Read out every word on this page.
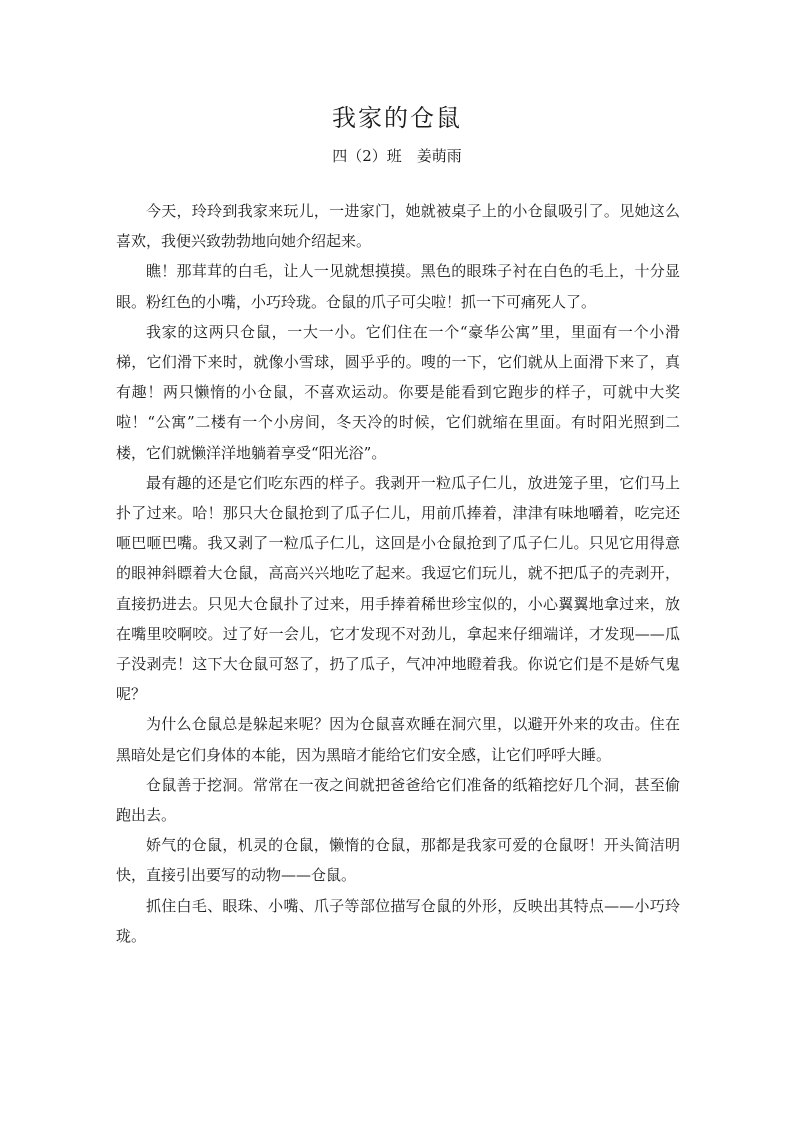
我家的仓鼠
四（2）班　姜萌雨

今天，玲玲到我家来玩儿，一进家门，她就被桌子上的小仓鼠吸引了。见她这么喜欢，我便兴致勃勃地向她介绍起来。

瞧！那茸茸的白毛，让人一见就想摸摸。黑色的眼珠子衬在白色的毛上，十分显眼。粉红色的小嘴，小巧玲珑。仓鼠的爪子可尖啦！抓一下可痛死人了。

我家的这两只仓鼠，一大一小。它们住在一个“豪华公寓”里，里面有一个小滑梯，它们滑下来时，就像小雪球，圆乎乎的。嗖的一下，它们就从上面滑下来了，真有趣！两只懒惰的小仓鼠，不喜欢运动。你要是能看到它跑步的样子，可就中大奖啦！“公寓”二楼有一个小房间，冬天冷的时候，它们就缩在里面。有时阳光照到二楼，它们就懒洋洋地躺着享受“阳光浴”。

最有趣的还是它们吃东西的样子。我剥开一粒瓜子仁儿，放进笼子里，它们马上扑了过来。哈！那只大仓鼠抢到了瓜子仁儿，用前爪捧着，津津有味地嚼着，吃完还咂巴咂巴嘴。我又剥了一粒瓜子仁儿，这回是小仓鼠抢到了瓜子仁儿。只见它用得意的眼神斜瞟着大仓鼠，高高兴兴地吃了起来。我逗它们玩儿，就不把瓜子的壳剥开，直接扔进去。只见大仓鼠扑了过来，用手捧着稀世珍宝似的，小心翼翼地拿过来，放在嘴里咬啊咬。过了好一会儿，它才发现不对劲儿，拿起来仔细端详，才发现——瓜子没剥壳！这下大仓鼠可怒了，扔了瓜子，气冲冲地瞪着我。你说它们是不是娇气鬼呢？

为什么仓鼠总是躲起来呢？因为仓鼠喜欢睡在洞穴里，以避开外来的攻击。住在黑暗处是它们身体的本能，因为黑暗才能给它们安全感，让它们呼呼大睡。

仓鼠善于挖洞。常常在一夜之间就把爸爸给它们准备的纸箱挖好几个洞，甚至偷跑出去。

娇气的仓鼠，机灵的仓鼠，懒惰的仓鼠，那都是我家可爱的仓鼠呀！开头简洁明快，直接引出要写的动物——仓鼠。

抓住白毛、眼珠、小嘴、爪子等部位描写仓鼠的外形，反映出其特点——小巧玲珑。
